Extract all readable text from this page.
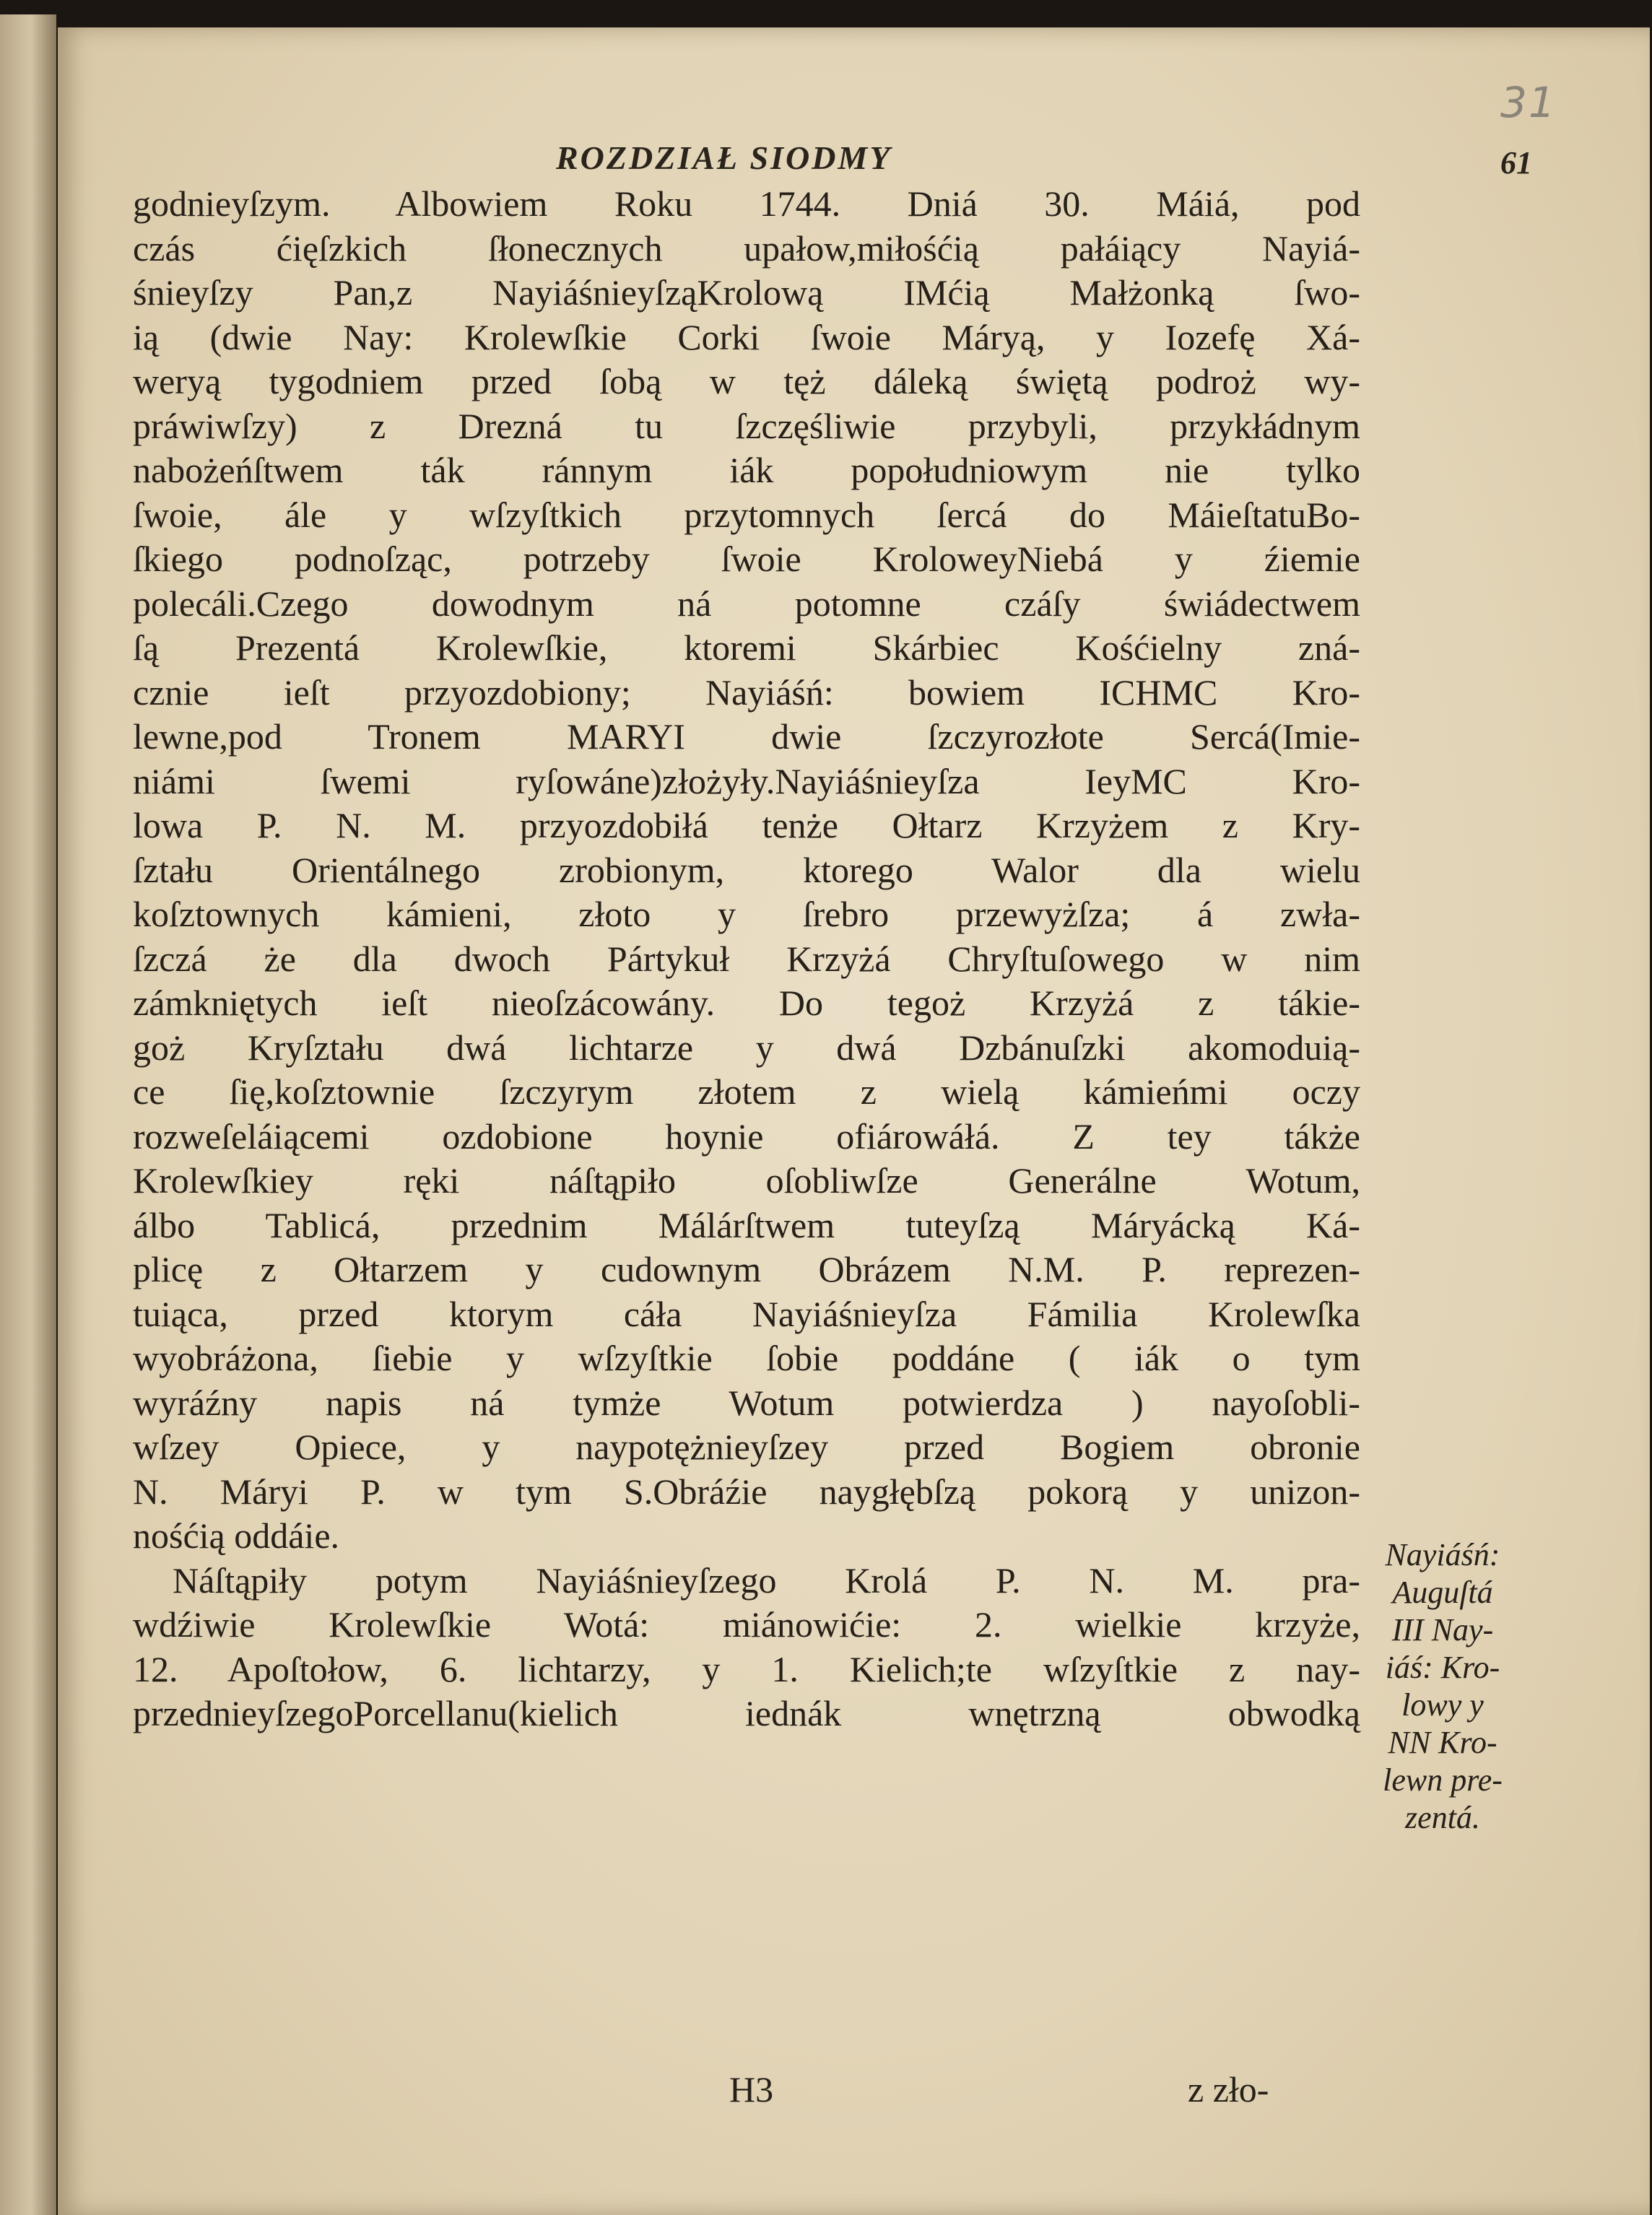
31
ROZDZIAŁ SIODMY	61
godnieyſzym. Albowiem Roku 1744. Dniá 30. Máiá, pod
czás ćięſzkich ſłonecznych upałow,miłośćią pałáiący Nayiá-
śnieyſzy Pan,z NayiáśnieyſząKrolową IMćią Małżonką ſwo-
ią (dwie Nay: Krolewſkie Corki ſwoie Máryą, y Iozefę Xá-
weryą tygodniem przed ſobą w tęż dáleką świętą podroż wy-
práwiwſzy) z Drezná tu ſzczęśliwie przybyli, przykłádnym
nabożeńſtwem ták ránnym iák popołudniowym nie tylko
ſwoie, ále y wſzyſtkich przytomnych ſercá do MáieſtatuBo-
ſkiego podnoſząc, potrzeby ſwoie KroloweyNiebá y źiemie
polecáli.Czego dowodnym ná potomne czáſy świádectwem
ſą Prezentá Krolewſkie, ktoremi Skárbiec Kośćielny zná-
cznie ieſt przyozdobiony; Nayiáśń: bowiem ICHMC Kro-
lewne,pod Tronem MARYI dwie ſzczyrozłote Sercá(Imie-
niámi ſwemi ryſowáne)złożyły.Nayiáśnieyſza IeyMC Kro-
lowa P. N. M. przyozdobiłá tenże Ołtarz Krzyżem z Kry-
ſztału Orientálnego zrobionym, ktorego Walor dla wielu
koſztownych kámieni, złoto y ſrebro przewyżſza; á zwła-
ſzczá że dla dwoch Pártykuł Krzyżá Chryſtuſowego w nim
zámkniętych ieſt nieoſzácowány. Do tegoż Krzyżá z tákie-
goż Kryſztału dwá lichtarze y dwá Dzbánuſzki akomoduią-
ce ſię,koſztownie ſzczyrym złotem z wielą kámieńmi oczy
rozweſeláiącemi ozdobione hoynie ofiárowáłá. Z tey tákże
Krolewſkiey ręki náſtąpiło oſobliwſze Generálne Wotum,
álbo Tablicá, przednim Málárſtwem tuteyſzą Máryácką Ká-
plicę z Ołtarzem y cudownym Obrázem N.M. P. reprezen-
tuiąca, przed ktorym cáła Nayiáśnieyſza Fámilia Krolewſka
wyobráżona, ſiebie y wſzyſtkie ſobie poddáne ( iák o tym
wyráźny napis ná tymże Wotum potwierdza ) nayoſobli-
wſzey Opiece, y naypotężnieyſzey przed Bogiem obronie
N. Máryi P. w tym S.Obráźie naygłębſzą pokorą y unizon-
nośćią oddáie.
Náſtąpiły potym Nayiáśnieyſzego Krolá P. N. M. pra-
wdźiwie Krolewſkie Wotá: miánowićie: 2. wielkie krzyże,
12. Apoſtołow, 6. lichtarzy, y 1. Kielich;te wſzyſtkie z nay-
przednieyſzegoPorcellanu(kielich iednák wnętrzną obwodką
Nayiáśń:
Auguſtá
III Nay-
iáś: Kro-
lowy y
NN Kro-
lewn pre-
zentá.
H3	z zło-
